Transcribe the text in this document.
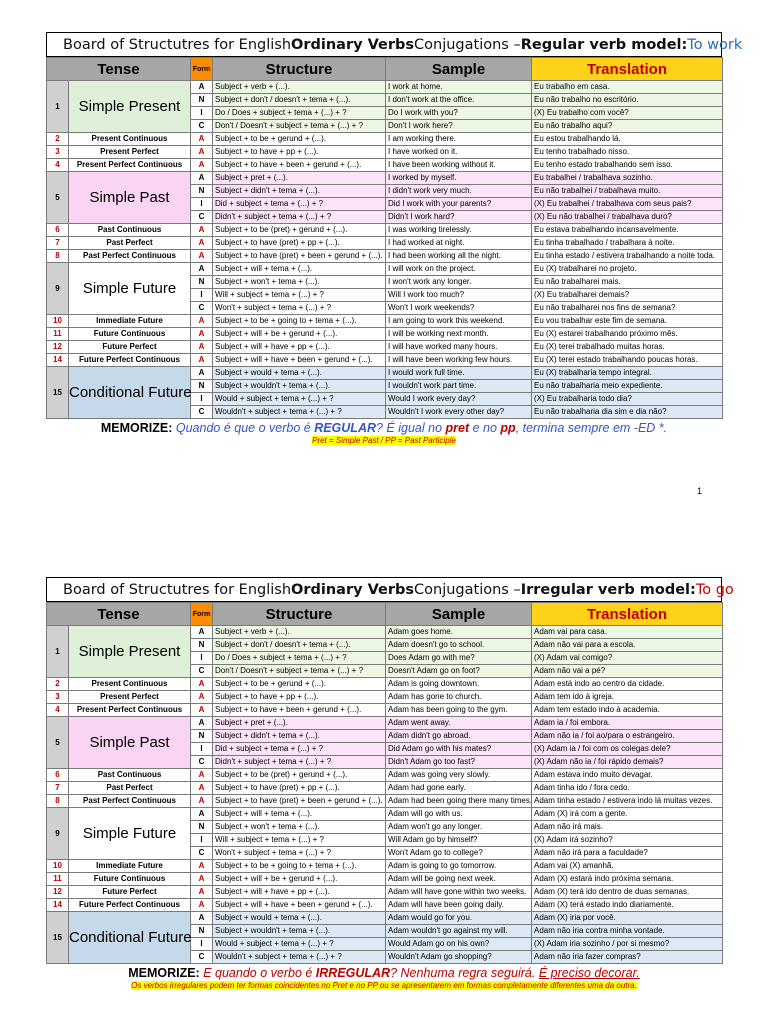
Board of Structutres for English Ordinary Verbs Conjugations – Regular verb model: To work
Tense		Form	Structure	Sample	Translation
1	Simple Present	A	Subject + verb + (...).	I work at home.	Eu trabalho em casa.
		N	Subject + don't / doesn't + tema + (...).	I don't work at the office.	Eu não trabalho no escritório.
		I	Do / Does + subject + tema + (...) + ?	Do I work with you?	(X) Eu trabalho com você?
		C	Don't / Doesn't + subject + tema + (...) + ?	Don't I work here?	Eu não trabalho aqui?
2	Present Continuous	A	Subject + to be + gerund + (...).	I am working there.	Eu estou trabalhando lá.
3	Present Perfect	A	Subject + to have + pp + (...).	I have worked on it.	Eu tenho trabalhado nisso.
4	Present Perfect Continuous	A	Subject + to have + been + gerund + (...).	I have been working without it.	Eu tenho estado trabalhando sem isso.
5	Simple Past	A	Subject + pret + (...).	I worked by myself.	Eu trabalhei / trabalhava sozinho.
		N	Subject + didn't + tema + (...).	I didn't work very much.	Eu não trabalhei / trabalhava muito.
		I	Did + subject + tema + (...) + ?	Did I work with your parents?	(X) Eu trabalhei / trabalhava com seus pais?
		C	Didn't + subject + tema + (...) + ?	Didn't I work hard?	(X) Eu não trabalhei / trabalhava duro?
6	Past Continuous	A	Subject + to be (pret) + gerund + (...).	I was working tirelessly.	Eu estava trabalhando incansavelmente.
7	Past Perfect	A	Subject + to have (pret) + pp + (...).	I had worked at night.	Eu tinha trabalhado / trabalhara à noite.
8	Past Perfect Continuous	A	Subject + to have (pret) + been + gerund + (...).	I had been working all the night.	Eu tinha estado / estivera trabalhando a noite toda.
9	Simple Future	A	Subject + will + tema + (...).	I will work on the project.	Eu (X) trabalharei no projeto.
		N	Subject + won't + tema + (...).	I won't work any longer.	Eu não trabalharei mais.
		I	Will + subject + tema + (...) + ?	Will I work too much?	(X) Eu trabalharei demais?
		C	Won't + subject + tema + (...) + ?	Won't I work weekends?	Eu não trabalharei nos fins de semana?
10	Immediate Future	A	Subject + to be + going to + tema + (...).	I am going to work this weekend.	Eu vou trabalhar este fim de semana.
11	Future Continuous	A	Subject + will + be + gerund + (...).	I will be working next month.	Eu (X) estarei trabalhando próximo mês.
12	Future Perfect	A	Subject + will + have + pp + (...).	I will have worked many hours.	Eu (X) terei trabalhado muitas horas.
14	Future Perfect Continuous	A	Subject + will + have + been + gerund + (...).	I will have been working few hours.	Eu (X) terei estado trabalhando poucas horas.
15	Conditional Future	A	Subject + would + tema + (...).	I would work full time.	Eu (X) trabalharia tempo integral.
		N	Subject + wouldn't + tema + (...).	I wouldn't work part time.	Eu não trabalharia meio expediente.
		I	Would + subject + tema + (...) + ?	Would I work every day?	(X) Eu trabalharia todo dia?
		C	Wouldn't + subject + tema + (...) + ?	Wouldn't I work every other day?	Eu não trabalharia dia sim e dia não?
MEMORIZE: Quando é que o verbo é REGULAR? É igual no pret e no pp, termina sempre em -ED *.
Pret = Simple Past / PP = Past Participle
1
Board of Structutres for English Ordinary Verbs Conjugations – Irregular verb model: To go
Tense		Form	Structure	Sample	Translation
1	Simple Present	A	Subject + verb + (...).	Adam goes home.	Adam vai para casa.
		N	Subject + don't / doesn't + tema + (...).	Adam doesn't go to school.	Adam não vai para a escola.
		I	Do / Does + subject + tema + (...) + ?	Does Adam go with me?	(X) Adam vai comigo?
		C	Don't / Doesn't + subject + tema + (...) + ?	Doesn't Adam go on foot?	Adam não vai a pé?
2	Present Continuous	A	Subject + to be + gerund + (...).	Adam is going downtown.	Adam está indo ao centro da cidade.
3	Present Perfect	A	Subject + to have + pp + (...).	Adam has gone to church.	Adam tem ido à igreja.
4	Present Perfect Continuous	A	Subject + to have + been + gerund + (...).	Adam has been going to the gym.	Adam tem estado indo à academia.
5	Simple Past	A	Subject + pret + (...).	Adam went away.	Adam ia / foi embora.
		N	Subject + didn't + tema + (...).	Adam didn't go abroad.	Adam não ia / foi ao/para o estrangeiro.
		I	Did + subject + tema + (...) + ?	Did Adam go with his mates?	(X) Adam ia / foi com os colegas dele?
		C	Didn't + subject + tema + (...) + ?	Didn't Adam go too fast?	(X) Adam não ia / foi rápido demais?
6	Past Continuous	A	Subject + to be (pret) + gerund + (...).	Adam was going very slowly.	Adam estava indo muito devagar.
7	Past Perfect	A	Subject + to have (pret) + pp + (...).	Adam had gone early.	Adam tinha ido / fora cedo.
8	Past Perfect Continuous	A	Subject + to have (pret) + been + gerund + (...).	Adam had been going there many times.	Adam tinha estado / estivera indo lá muitas vezes.
9	Simple Future	A	Subject + will + tema + (...).	Adam will go with us.	Adam (X) irá com a gente.
		N	Subject + won't + tema + (...).	Adam won't go any longer.	Adam não irá mais.
		I	Will + subject + tema + (...) + ?	Will Adam go by himself?	(X) Adam irá sozinho?
		C	Won't + subject + tema + (...) + ?	Won't Adam go to college?	Adam não irá para a faculdade?
10	Immediate Future	A	Subject + to be + going to + tema + (...).	Adam is going to go tomorrow.	Adam vai (X) amanhã.
11	Future Continuous	A	Subject + will + be + gerund + (...).	Adam will be going next week.	Adam (X) estará indo próxima semana.
12	Future Perfect	A	Subject + will + have + pp + (...).	Adam will have gone within two weeks.	Adam (X) terá ido dentro de duas semanas.
14	Future Perfect Continuous	A	Subject + will + have + been + gerund + (...).	Adam will have been going daily.	Adam (X) terá estado indo diariamente.
15	Conditional Future	A	Subject + would + tema + (...).	Adam would go for you.	Adam (X) iria por você.
		N	Subject + wouldn't + tema + (...).	Adam wouldn't go against my will.	Adam não iria contra minha vontade.
		I	Would + subject + tema + (...) + ?	Would Adam go on his own?	(X) Adam iria sozinho / por si mesmo?
		C	Wouldn't + subject + tema + (...) + ?	Wouldn't Adam go shopping?	Adam não iria fazer compras?
MEMORIZE: E quando o verbo é IRREGULAR? Nenhuma regra seguirá. É preciso decorar.
Os verbos irregulares podem ter formas coincidentes no Pret e no PP ou se apresentarem em formas completamente diferentes uma da outra.
